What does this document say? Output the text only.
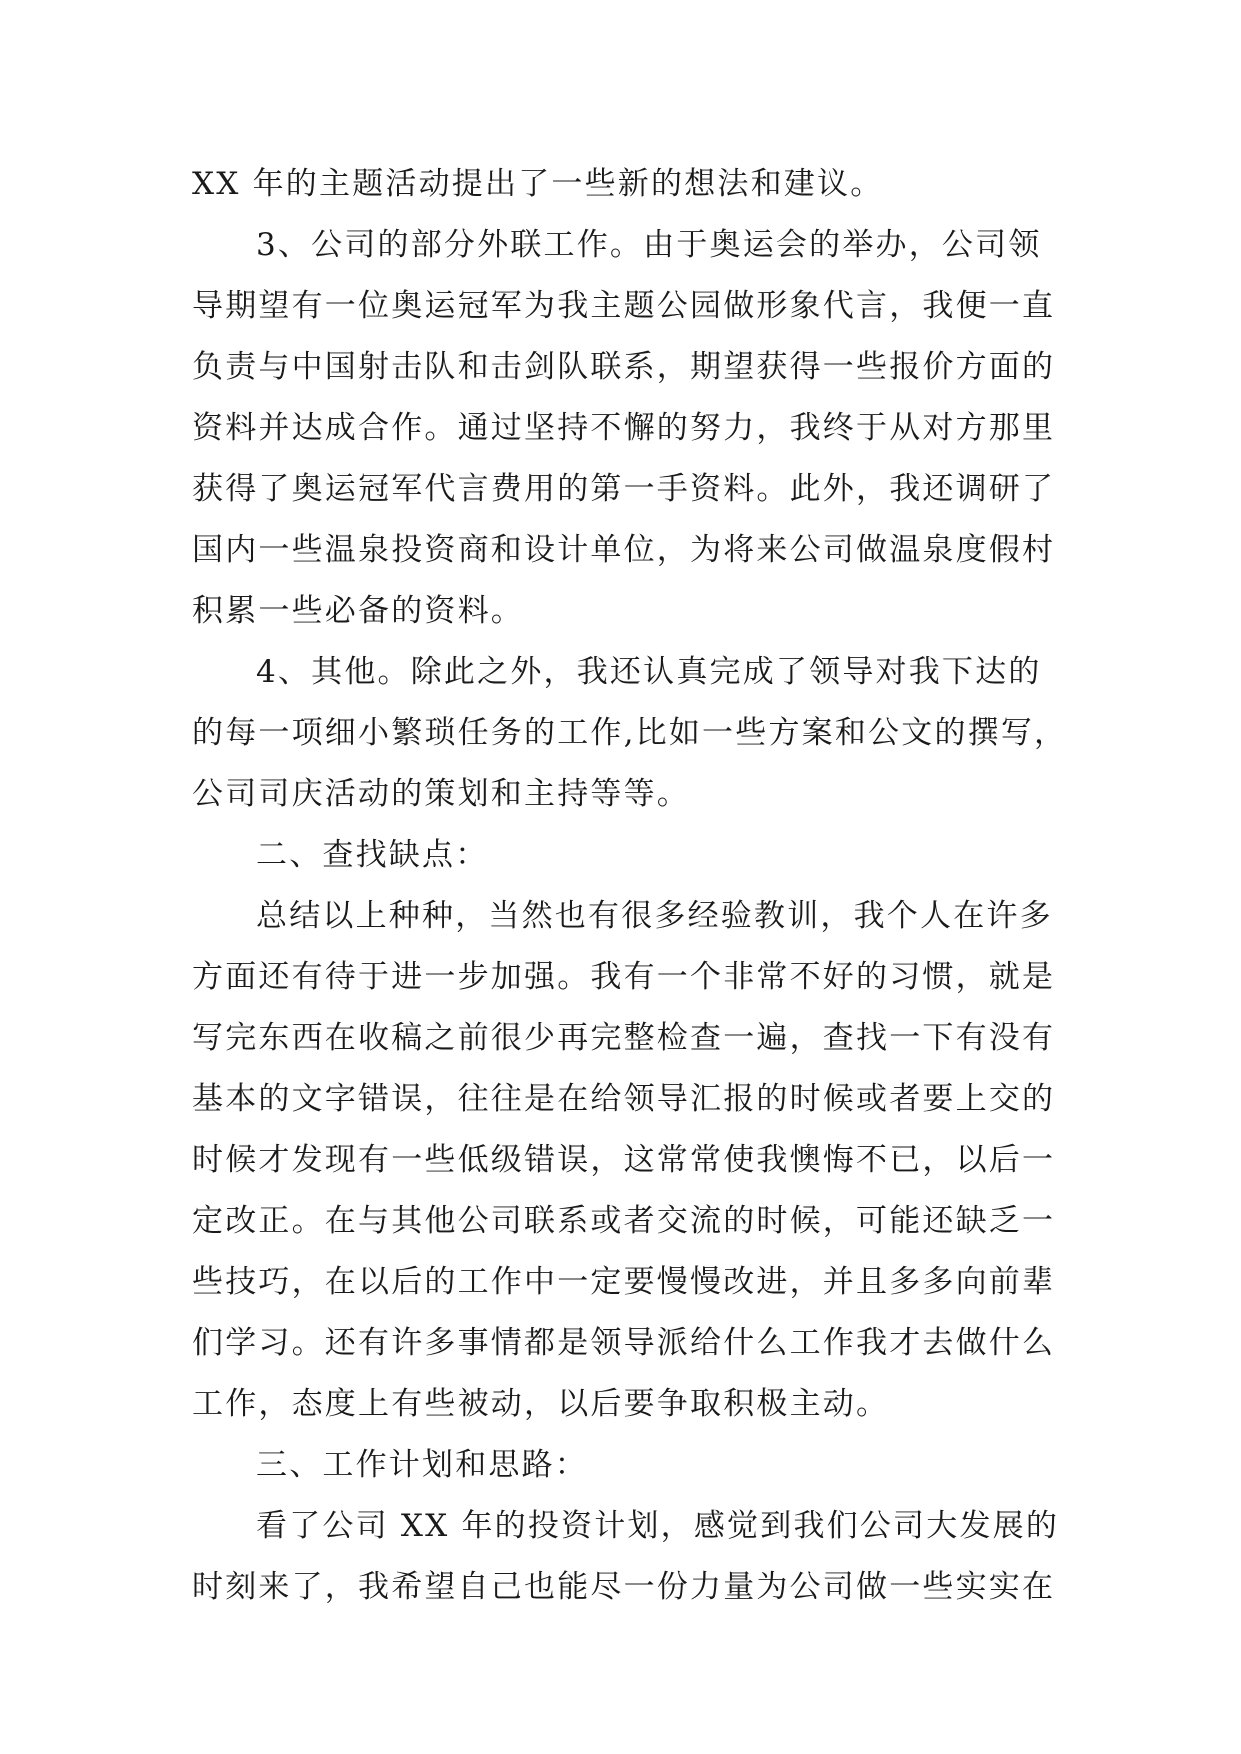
XX 年的主题活动提出了一些新的想法和建议。
3、公司的部分外联工作。由于奥运会的举办，公司领
导期望有一位奥运冠军为我主题公园做形象代言，我便一直
负责与中国射击队和击剑队联系，期望获得一些报价方面的
资料并达成合作。通过坚持不懈的努力，我终于从对方那里
获得了奥运冠军代言费用的第一手资料。此外，我还调研了
国内一些温泉投资商和设计单位，为将来公司做温泉度假村
积累一些必备的资料。
4、其他。除此之外，我还认真完成了领导对我下达的
的每一项细小繁琐任务的工作,比如一些方案和公文的撰写，
公司司庆活动的策划和主持等等。
二、查找缺点：
总结以上种种，当然也有很多经验教训，我个人在许多
方面还有待于进一步加强。我有一个非常不好的习惯，就是
写完东西在收稿之前很少再完整检查一遍，查找一下有没有
基本的文字错误，往往是在给领导汇报的时候或者要上交的
时候才发现有一些低级错误，这常常使我懊悔不已，以后一
定改正。在与其他公司联系或者交流的时候，可能还缺乏一
些技巧，在以后的工作中一定要慢慢改进，并且多多向前辈
们学习。还有许多事情都是领导派给什么工作我才去做什么
工作，态度上有些被动，以后要争取积极主动。
三、工作计划和思路：
看了公司 XX 年的投资计划，感觉到我们公司大发展的
时刻来了，我希望自己也能尽一份力量为公司做一些实实在
